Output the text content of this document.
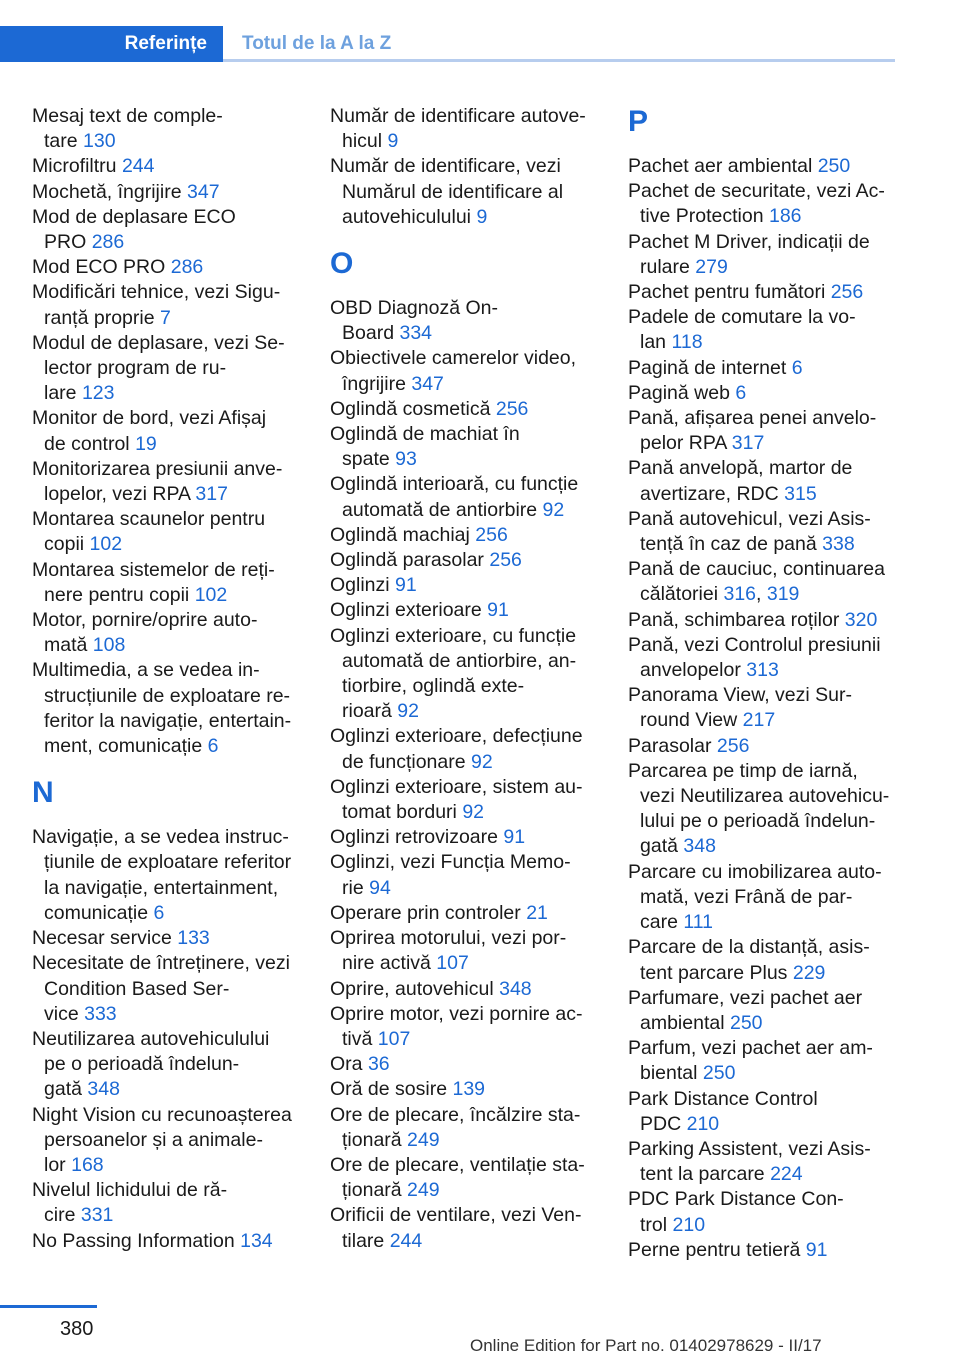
Referințe	Totul de la A la Z
Mesaj text de comple-
tare 130
Microfiltru 244
Mochetă, îngrijire 347
Mod de deplasare ECO
PRO 286
Mod ECO PRO 286
Modificări tehnice, vezi Sigu-
ranță proprie 7
Modul de deplasare, vezi Se-
lector program de ru-
lare 123
Monitor de bord, vezi Afișaj
de control 19
Monitorizarea presiunii anve-
lopelor, vezi RPA 317
Montarea scaunelor pentru
copii 102
Montarea sistemelor de reți-
nere pentru copii 102
Motor, pornire/oprire auto-
mată 108
Multimedia, a se vedea in-
strucțiunile de exploatare re-
feritor la navigație, entertain-
ment, comunicație 6
N
Navigație, a se vedea instruc-
țiunile de exploatare referitor
la navigație, entertainment,
comunicație 6
Necesar service 133
Necesitate de întreținere, vezi
Condition Based Ser-
vice 333
Neutilizarea autovehiculului
pe o perioadă îndelun-
gată 348
Night Vision cu recunoașterea
persoanelor și a animale-
lor 168
Nivelul lichidului de ră-
cire 331
No Passing Information 134
Număr de identificare autove-
hicul 9
Număr de identificare, vezi
Numărul de identificare al
autovehiculului 9
O
OBD Diagnoză On-
Board 334
Obiectivele camerelor video,
îngrijire 347
Oglindă cosmetică 256
Oglindă de machiat în
spate 93
Oglindă interioară, cu funcție
automată de antiorbire 92
Oglindă machiaj 256
Oglindă parasolar 256
Oglinzi 91
Oglinzi exterioare 91
Oglinzi exterioare, cu funcție
automată de antiorbire, an-
tiorbire, oglindă exte-
rioară 92
Oglinzi exterioare, defecțiune
de funcționare 92
Oglinzi exterioare, sistem au-
tomat borduri 92
Oglinzi retrovizoare 91
Oglinzi, vezi Funcția Memo-
rie 94
Operare prin controler 21
Oprirea motorului, vezi por-
nire activă 107
Oprire, autovehicul 348
Oprire motor, vezi pornire ac-
tivă 107
Ora 36
Oră de sosire 139
Ore de plecare, încălzire sta-
ționară 249
Ore de plecare, ventilație sta-
ționară 249
Orificii de ventilare, vezi Ven-
tilare 244
P
Pachet aer ambiental 250
Pachet de securitate, vezi Ac-
tive Protection 186
Pachet M Driver, indicații de
rulare 279
Pachet pentru fumători 256
Padele de comutare la vo-
lan 118
Pagină de internet 6
Pagină web 6
Pană, afișarea penei anvelo-
pelor RPA 317
Pană anvelopă, martor de
avertizare, RDC 315
Pană autovehicul, vezi Asis-
tență în caz de pană 338
Pană de cauciuc, continuarea
călătoriei 316, 319
Pană, schimbarea roților 320
Pană, vezi Controlul presiunii
anvelopelor 313
Panorama View, vezi Sur-
round View 217
Parasolar 256
Parcarea pe timp de iarnă,
vezi Neutilizarea autovehicu-
lului pe o perioadă îndelun-
gată 348
Parcare cu imobilizarea auto-
mată, vezi Frână de par-
care 111
Parcare de la distanță, asis-
tent parcare Plus 229
Parfumare, vezi pachet aer
ambiental 250
Parfum, vezi pachet aer am-
biental 250
Park Distance Control
PDC 210
Parking Assistent, vezi Asis-
tent la parcare 224
PDC Park Distance Con-
trol 210
Perne pentru tetieră 91
380
Online Edition for Part no. 01402978629 - II/17
